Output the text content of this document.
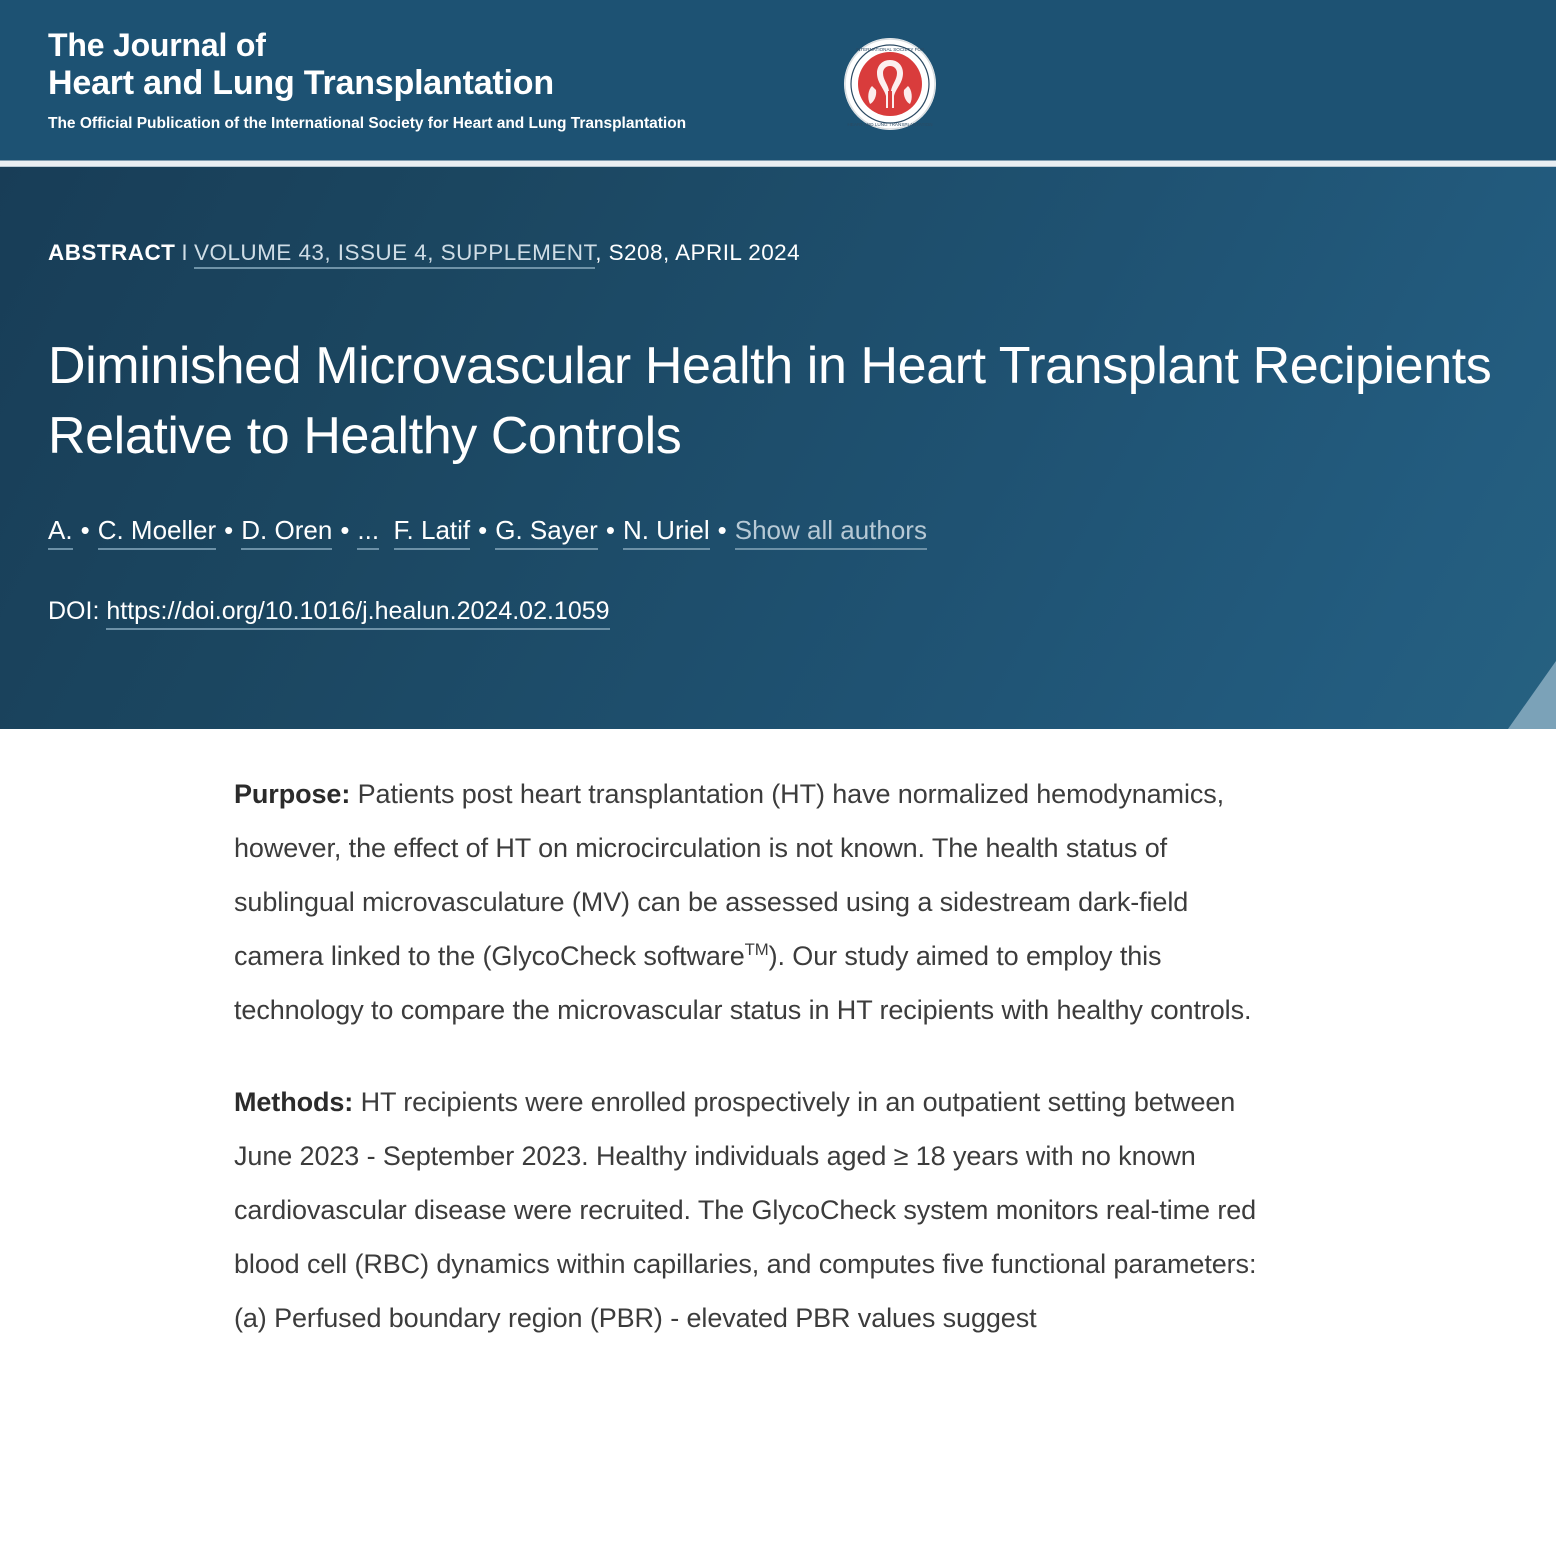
The Journal of
Heart and Lung Transplantation
The Official Publication of the International Society for Heart and Lung Transplantation
INTERNATIONAL SOCIETY FOR
HEART AND LUNG TRANSPLANTATION
ABSTRACT I VOLUME 43, ISSUE 4, SUPPLEMENT, S208, APRIL 2024
Diminished Microvascular Health in Heart Transplant Recipients Relative to Healthy Controls
A. • C. Moeller • D. Oren • ... F. Latif • G. Sayer • N. Uriel • Show all authors
DOI: https://doi.org/10.1016/j.healun.2024.02.1059

Purpose: Patients post heart transplantation (HT) have normalized hemodynamics, however, the effect of HT on microcirculation is not known. The health status of sublingual microvasculature (MV) can be assessed using a sidestream dark-field camera linked to the (GlycoCheck software™). Our study aimed to employ this technology to compare the microvascular status in HT recipients with healthy controls.

Methods: HT recipients were enrolled prospectively in an outpatient setting between June 2023 - September 2023. Healthy individuals aged ≥ 18 years with no known cardiovascular disease were recruited. The GlycoCheck system monitors real-time red blood cell (RBC) dynamics within capillaries, and computes five functional parameters: (a) Perfused boundary region (PBR) - elevated PBR values suggest
